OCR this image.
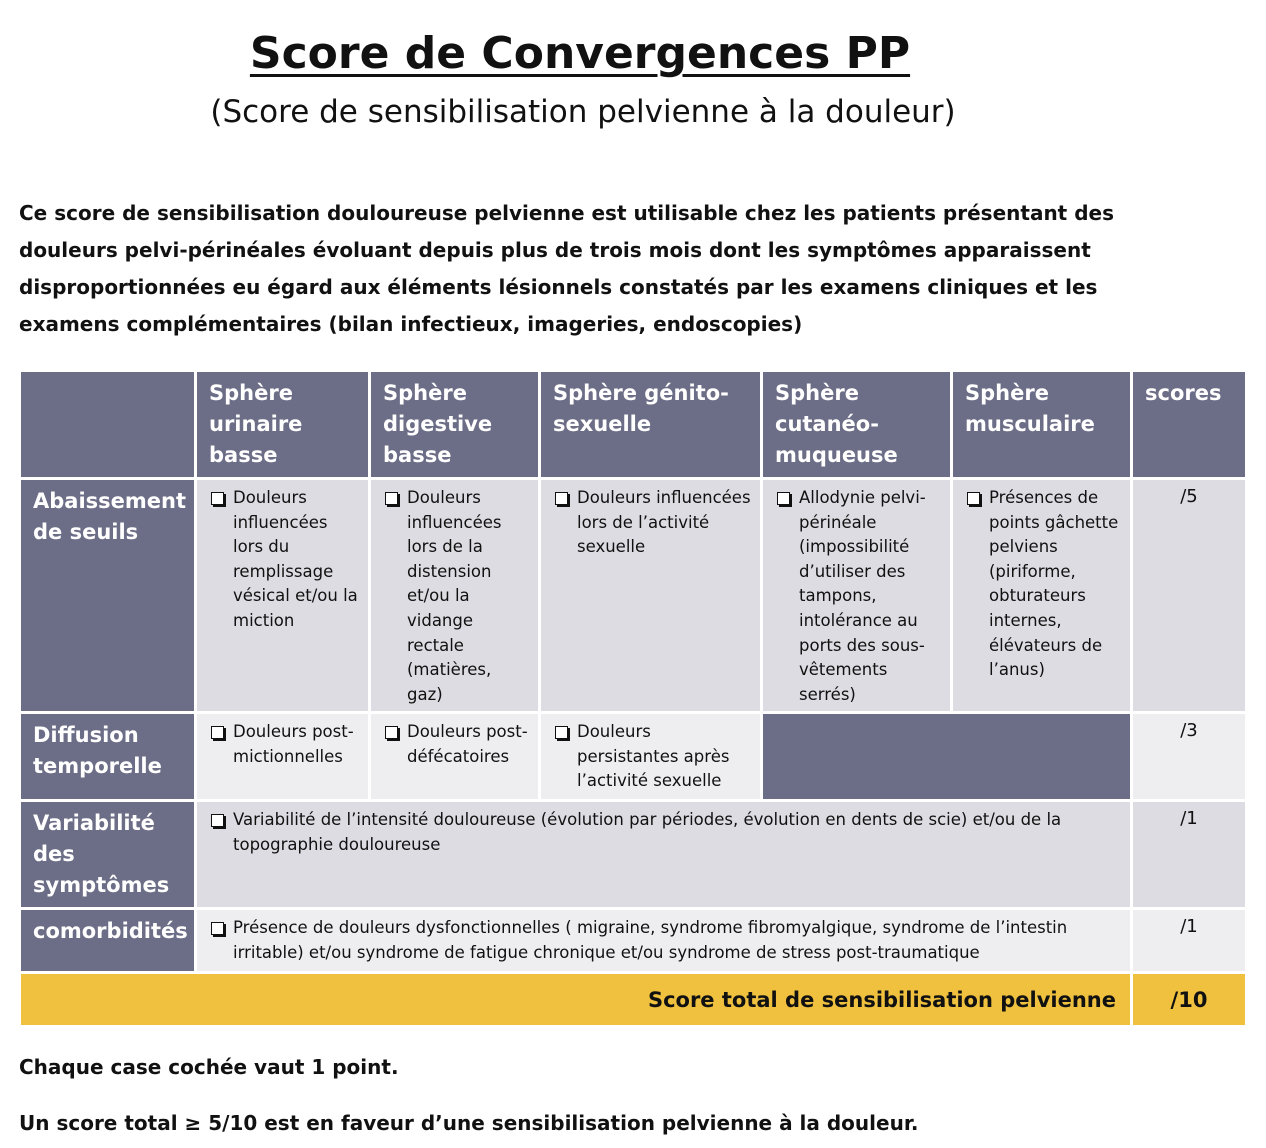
Score de Convergences PP
(Score de sensibilisation pelvienne à la douleur)
Ce score de sensibilisation douloureuse pelvienne est utilisable chez les patients présentant des douleurs pelvi-périnéales évoluant depuis plus de trois mois dont les symptômes apparaissent disproportionnées eu égard aux éléments lésionnels constatés par les examens cliniques et les examens complémentaires (bilan infectieux, imageries, endoscopies)
	Sphère urinaire basse	Sphère digestive basse	Sphère génito-sexuelle	Sphère cutanéo-muqueuse	Sphère musculaire	scores
Abaissement de seuils	Douleurs influencées lors du remplissage vésical et/ou la miction	Douleurs influencées lors de la distension et/ou la vidange rectale (matières, gaz)	Douleurs influencées lors de l’activité sexuelle	Allodynie pelvi-périnéale (impossibilité d’utiliser des tampons, intolérance au ports des sous-vêtements serrés)	Présences de points gâchette pelviens (piriforme, obturateurs internes, élévateurs de l’anus)	/5
Diffusion temporelle	Douleurs post-mictionnelles	Douleurs post-défécatoires	Douleurs persistantes après l’activité sexuelle			/3
Variabilité des symptômes	Variabilité de l’intensité douloureuse (évolution par périodes, évolution en dents de scie) et/ou de la topographie douloureuse					/1
comorbidités	Présence de douleurs dysfonctionnelles ( migraine, syndrome fibromyalgique, syndrome de l’intestin irritable) et/ou syndrome de fatigue chronique et/ou syndrome de stress post-traumatique					/1
Score total de sensibilisation pelvienne						/10
Chaque case cochée vaut 1 point.
Un score total ≥ 5/10 est en faveur d’une sensibilisation pelvienne à la douleur.
